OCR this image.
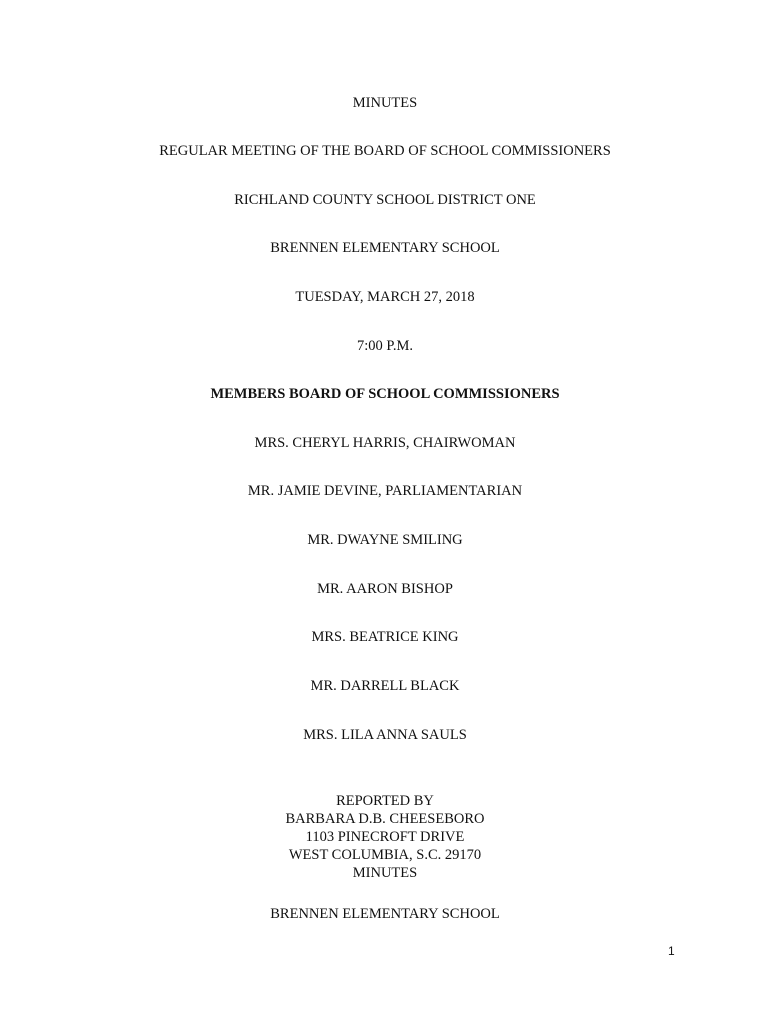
MINUTES
REGULAR MEETING OF THE BOARD OF SCHOOL COMMISSIONERS
RICHLAND COUNTY SCHOOL DISTRICT ONE
BRENNEN ELEMENTARY SCHOOL
TUESDAY, MARCH 27, 2018
7:00 P.M.
MEMBERS BOARD OF SCHOOL COMMISSIONERS
MRS. CHERYL HARRIS, CHAIRWOMAN
MR. JAMIE DEVINE, PARLIAMENTARIAN
MR. DWAYNE SMILING
MR. AARON BISHOP
MRS. BEATRICE KING
MR. DARRELL BLACK
MRS. LILA ANNA SAULS
REPORTED BY
BARBARA D.B. CHEESEBORO
1103 PINECROFT DRIVE
WEST COLUMBIA, S.C. 29170
MINUTES
BRENNEN ELEMENTARY SCHOOL
1
